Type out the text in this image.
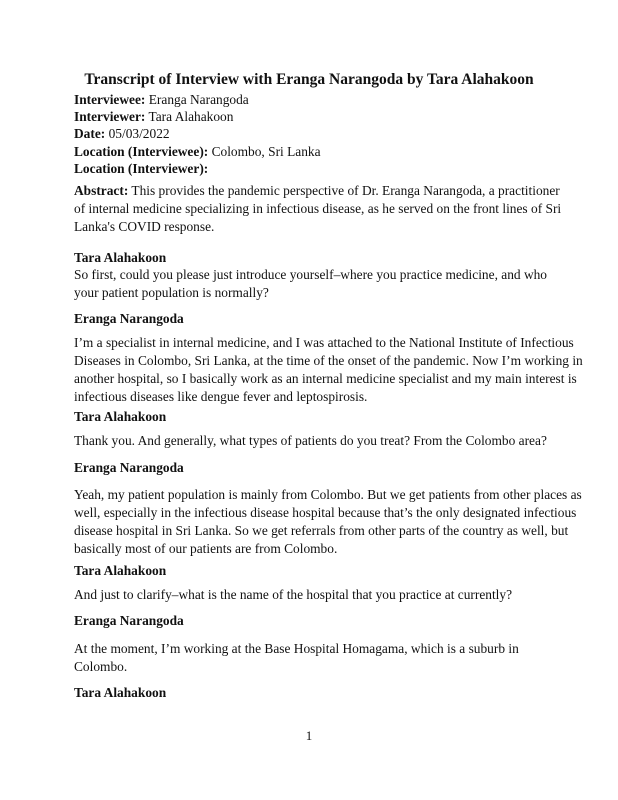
Transcript of Interview with Eranga Narangoda by Tara Alahakoon
Interviewee: Eranga Narangoda
Interviewer: Tara Alahakoon
Date: 05/03/2022
Location (Interviewee): Colombo, Sri Lanka
Location (Interviewer):
Abstract: This provides the pandemic perspective of Dr. Eranga Narangoda, a practitioner
of internal medicine specializing in infectious disease, as he served on the front lines of Sri
Lanka's COVID response.
Tara Alahakoon
So first, could you please just introduce yourself–where you practice medicine, and who
your patient population is normally?
Eranga Narangoda
I’m a specialist in internal medicine, and I was attached to the National Institute of Infectious
Diseases in Colombo, Sri Lanka, at the time of the onset of the pandemic. Now I’m working in
another hospital, so I basically work as an internal medicine specialist and my main interest is
infectious diseases like dengue fever and leptospirosis.
Tara Alahakoon
Thank you. And generally, what types of patients do you treat? From the Colombo area?
Eranga Narangoda
Yeah, my patient population is mainly from Colombo. But we get patients from other places as
well, especially in the infectious disease hospital because that’s the only designated infectious
disease hospital in Sri Lanka. So we get referrals from other parts of the country as well, but
basically most of our patients are from Colombo.
Tara Alahakoon
And just to clarify–what is the name of the hospital that you practice at currently?
Eranga Narangoda
At the moment, I’m working at the Base Hospital Homagama, which is a suburb in
Colombo.
Tara Alahakoon
1
